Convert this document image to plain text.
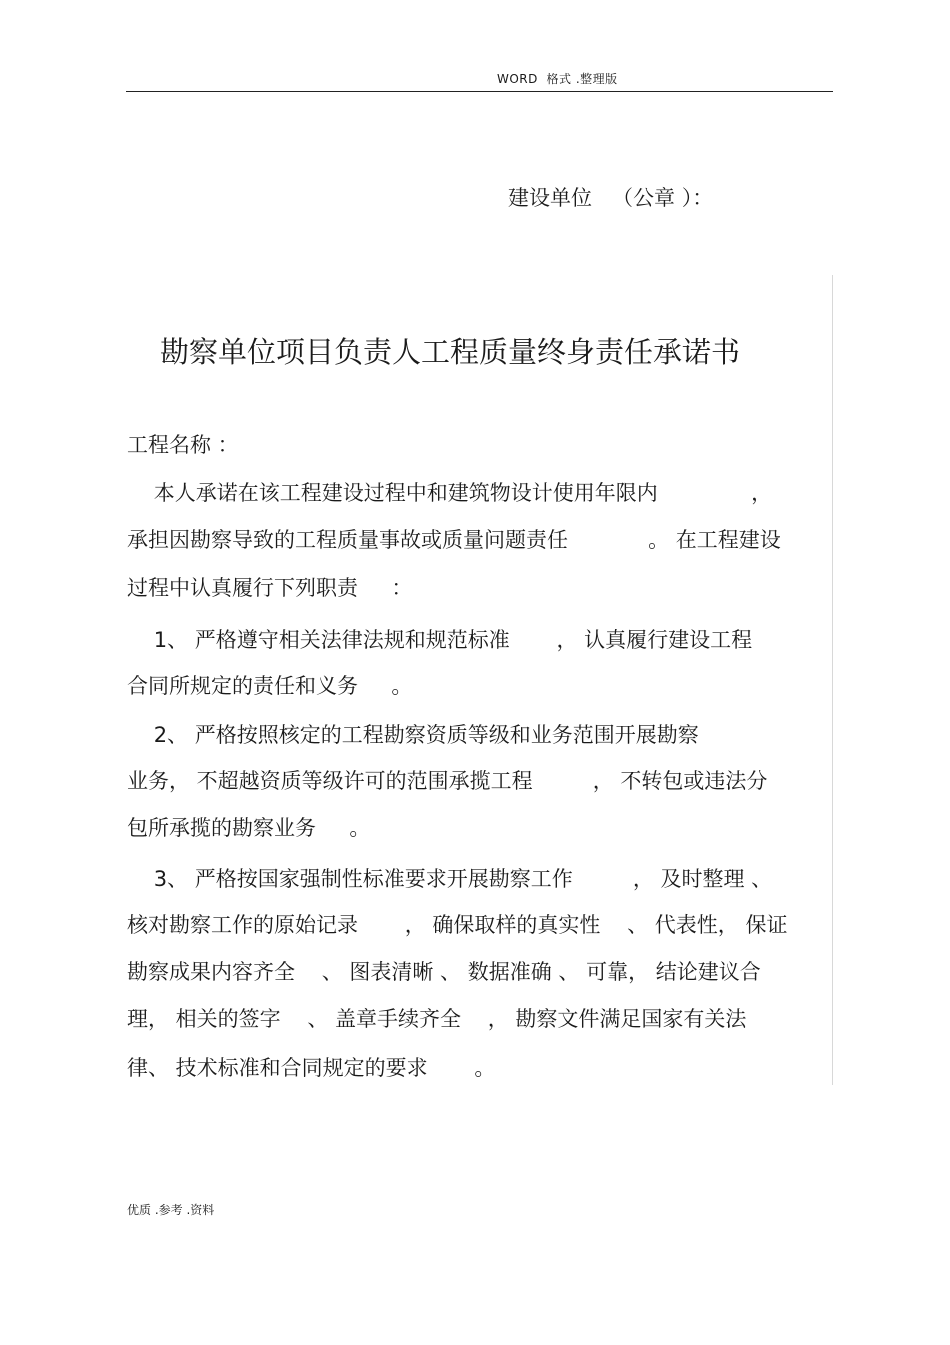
WORD  格式 .整理版
建设单位   （公章 ）：
勘察单位项目负责人工程质量终身责任承诺书
工程名称 ：
本人承诺在该工程建设过程中和建筑物设计使用年限内              ，
承担因勘察导致的工程质量事故或质量问题责任            。 在工程建设
过程中认真履行下列职责     ：
1、 严格遵守相关法律法规和规范标准       ， 认真履行建设工程
合同所规定的责任和义务     。
2、 严格按照核定的工程勘察资质等级和业务范围开展勘察
业务， 不超越资质等级许可的范围承揽工程         ， 不转包或违法分
包所承揽的勘察业务     。
3、 严格按国家强制性标准要求开展勘察工作         ， 及时整理 、
核对勘察工作的原始记录       ， 确保取样的真实性    、 代表性， 保证
勘察成果内容齐全    、 图表清晰 、 数据准确 、 可靠， 结论建议合
理， 相关的签字    、 盖章手续齐全    ， 勘察文件满足国家有关法
律、 技术标准和合同规定的要求       。
优质 .参考 .资料
